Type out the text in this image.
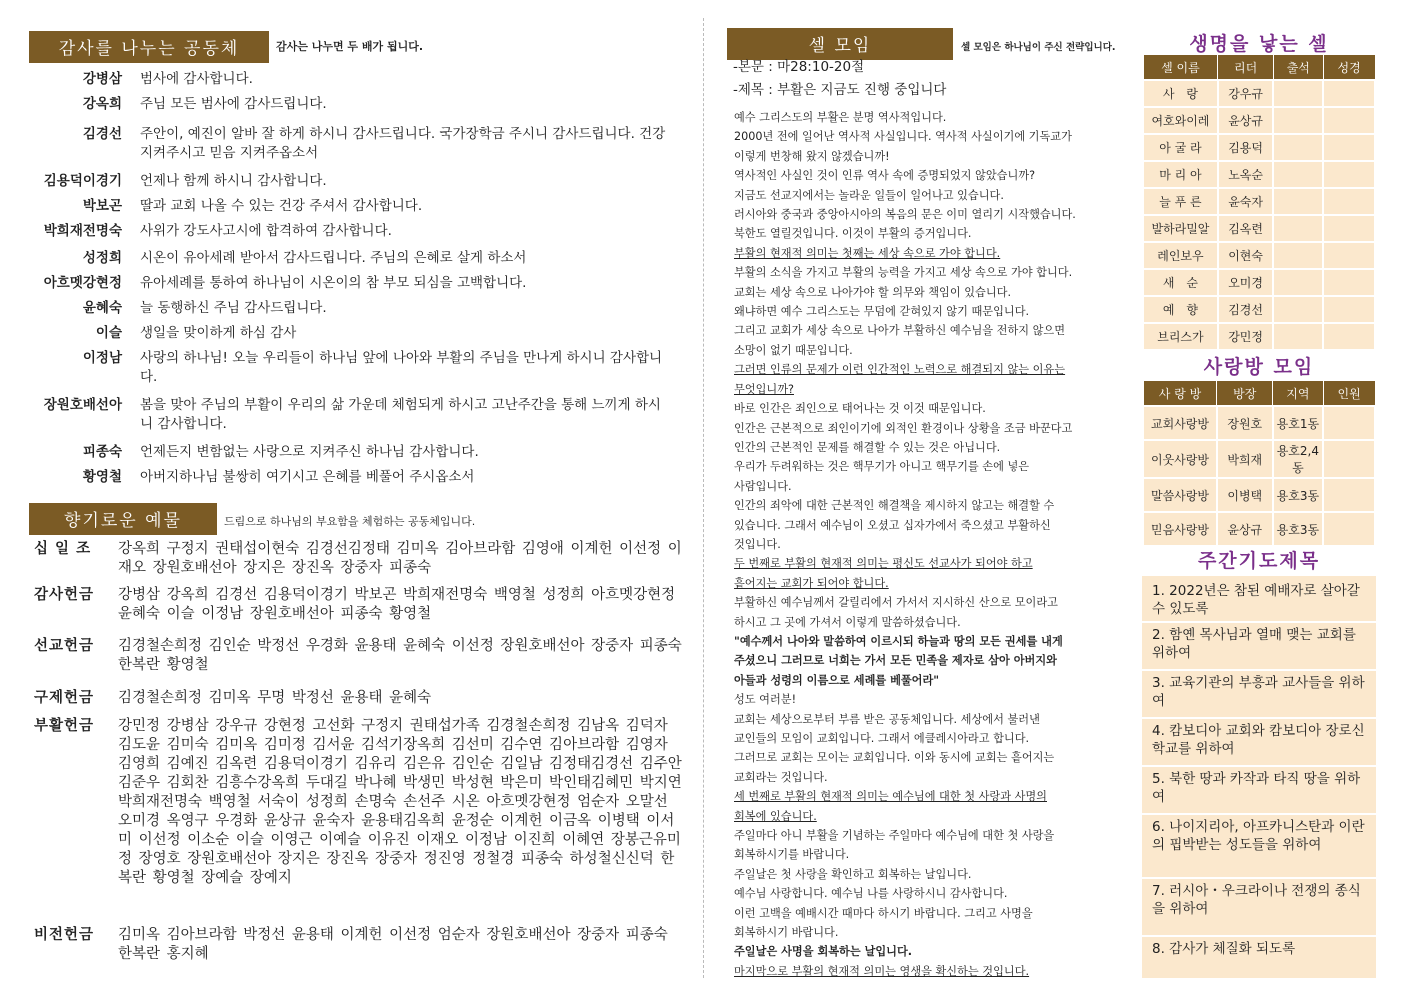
감사를 나누는 공동체	감사는 나누면 두 배가 됩니다.
강병삼	범사에 감사합니다.
강옥희	주님 모든 범사에 감사드립니다.
김경선	주안이, 예진이 알바 잘 하게 하시니 감사드립니다. 국가장학금 주시니 감사드립니다. 건강 지켜주시고 믿음 지켜주옵소서
김용덕이경기	언제나 함께 하시니 감사합니다.
박보곤	딸과 교회 나올 수 있는 건강 주셔서 감사합니다.
박희재전명숙	사위가 강도사고시에 합격하여 감사합니다.
성정희	시온이 유아세례 받아서 감사드립니다. 주님의 은혜로 살게 하소서
아흐멧강현정	유아세례를 통하여 하나님이 시온이의 참 부모 되심을 고백합니다.
윤혜숙	늘 동행하신 주님 감사드립니다.
이슬	생일을 맞이하게 하심 감사
이정남	사랑의 하나님! 오늘 우리들이 하나님 앞에 나아와 부활의 주님을 만나게 하시니 감사합니다.
장원호배선아	봄을 맞아 주님의 부활이 우리의 삶 가운데 체험되게 하시고 고난주간을 통해 느끼게 하시니 감사합니다.
피종숙	언제든지 변함없는 사랑으로 지켜주신 하나님 감사합니다.
황영철	아버지하나님 불쌍히 여기시고 은혜를 베풀어 주시옵소서
향기로운 예물	드림으로 하나님의 부요함을 체험하는 공동체입니다.
십 일 조	강옥희 구정지 권태섭이현숙 김경선김정태 김미옥 김아브라함 김영애 이계헌 이선정 이재오 장원호배선아 장지은 장진옥 장중자 피종숙
감사헌금	강병삼 강옥희 김경선 김용덕이경기 박보곤 박희재전명숙 백영철 성정희 아흐멧강현정 윤혜숙 이슬 이정남 장원호배선아 피종숙 황영철
선교헌금	김경철손희정 김인순 박정선 우경화 윤용태 윤혜숙 이선정 장원호배선아 장중자 피종숙 한복란 황영철
구제헌금	김경철손희정 김미옥 무명 박정선 윤용태 윤혜숙
부활헌금	강민정 강병삼 강우규 강현정 고선화 구정지 권태섭가족 김경철손희정 김남옥 김덕자 김도윤 김미숙 김미옥 김미정 김서윤 김석기장옥희 김선미 김수연 김아브라함 김영자 김영희 김예진 김옥련 김용덕이경기 김유리 김은유 김인순 김일남 김정태김경선 김주안 김준우 김회찬 김흥수강옥희 두대길 박나혜 박생민 박성현 박은미 박인태김혜민 박지연 박희재전명숙 백영철 서숙이 성정희 손명숙 손선주 시온 아흐멧강현정 엄순자 오말선 오미경 옥영구 우경화 윤상규 윤숙자 윤용태김옥희 윤정순 이계헌 이금옥 이병택 이서미 이선정 이소순 이슬 이영근 이예슬 이유진 이재오 이정남 이진희 이혜연 장봉근유미정 장영호 장원호배선아 장지은 장진옥 장중자 정진영 정철경 피종숙 하성철신신덕 한복란 황영철 장예슬 장예지
비전헌금	김미옥 김아브라함 박정선 윤용태 이계헌 이선정 엄순자 장원호배선아 장중자 피종숙 한복란 홍지혜
셀 모임	셀 모임은 하나님이 주신 전략입니다.
-본문 : 마28:10-20절
-제목 : 부활은 지금도 진행 중입니다
예수 그리스도의 부활은 분명 역사적입니다.
2000년 전에 일어난 역사적 사실입니다. 역사적 사실이기에 기독교가
이렇게 번창해 왔지 않겠습니까!
역사적인 사실인 것이 인류 역사 속에 증명되었지 않았습니까?
지금도 선교지에서는 놀라운 일들이 일어나고 있습니다.
러시아와 중국과 중앙아시아의 복음의 문은 이미 열리기 시작했습니다.
북한도 열릴것입니다. 이것이 부활의 증거입니다.
부활의 현재적 의미는 첫째는 세상 속으로 가야 합니다.
부활의 소식을 가지고 부활의 능력을 가지고 세상 속으로 가야 합니다.
교회는 세상 속으로 나아가야 할 의무와 책임이 있습니다.
왜냐하면 예수 그리스도는 무덤에 갇혀있지 않기 때문입니다.
그리고 교회가 세상 속으로 나아가 부활하신 예수님을 전하지 않으면
소망이 없기 때문입니다.
그러면 인류의 문제가 이런 인간적인 노력으로 해결되지 않는 이유는
무엇입니까?
바로 인간은 죄인으로 태어나는 것 이것 때문입니다.
인간은 근본적으로 죄인이기에 외적인 환경이나 상황을 조금 바꾼다고
인간의 근본적인 문제를 해결할 수 있는 것은 아닙니다.
우리가 두려워하는 것은 핵무기가 아니고 핵무기를 손에 넣은
사람입니다.
인간의 죄악에 대한 근본적인 해결책을 제시하지 않고는 해결할 수
있습니다. 그래서 예수님이 오셨고 십자가에서 죽으셨고 부활하신
것입니다.
두 번째로 부활의 현재적 의미는 평신도 선교사가 되어야 하고
흩어지는 교회가 되어야 합니다.
부활하신 예수님께서 갈릴리에서 가서서 지시하신 산으로 모이라고
하시고 그 곳에 가셔서 이렇게 말씀하셨습니다.
"예수께서 나아와 말씀하여 이르시되 하늘과 땅의 모든 권세를 내게
주셨으니 그러므로 너희는 가서 모든 민족을 제자로 삼아 아버지와
아들과 성령의 이름으로 세례를 베풀어라"
성도 여러분!
교회는 세상으로부터 부름 받은 공동체입니다. 세상에서 불러낸
교인들의 모임이 교회입니다. 그래서 에클레시아라고 합니다.
그러므로 교회는 모이는 교회입니다. 이와 동시에 교회는 흩어지는
교회라는 것입니다.
세 번째로 부활의 현재적 의미는 예수님에 대한 첫 사랑과 사명의
회복에 있습니다.
주일마다 아니 부활을 기념하는 주일마다 예수님에 대한 첫 사랑을
회복하시기를 바랍니다.
주일날은 첫 사랑을 확인하고 회복하는 날입니다.
예수님 사랑합니다. 예수님 나를 사랑하시니 감사합니다.
이런 고백을 예배시간 때마다 하시기 바랍니다. 그리고 사명을
회복하시기 바랍니다.
주일날은 사명을 회복하는 날입니다.
마지막으로 부활의 현재적 의미는 영생을 확신하는 것입니다.
생명을 낳는 셀
셀 이름	리더	출석	성경
사　랑	강우규		
여호와이레	윤상규		
아 굴 라	김용덕		
마 리 아	노옥순		
늘 푸 른	윤숙자		
발하라밀알	김옥련		
레인보우	이현숙		
새　순	오미경		
예　향	김경선		
브리스가	강민정		
사랑방 모임
사 랑 방	방장	지역	인원
교회사랑방	장원호	용호1동	
이웃사랑방	박희재	용호2,4동	
말씀사랑방	이병택	용호3동	
믿음사랑방	윤상규	용호3동	
주간기도제목
1. 2022년은 참된 예배자로 살아갈 수 있도록
2. 함옌 목사님과 열매 맺는 교회를 위하여
3. 교육기관의 부흥과 교사들을 위하여
4. 캄보디아 교회와 캄보디아 장로신학교를 위하여
5. 북한 땅과 카작과 타직 땅을 위하여
6. 나이지리아, 아프카니스탄과 이란의 핍박받는 성도들을 위하여
7. 러시아・우크라이나 전쟁의 종식을 위하여
8. 감사가 체질화 되도록
